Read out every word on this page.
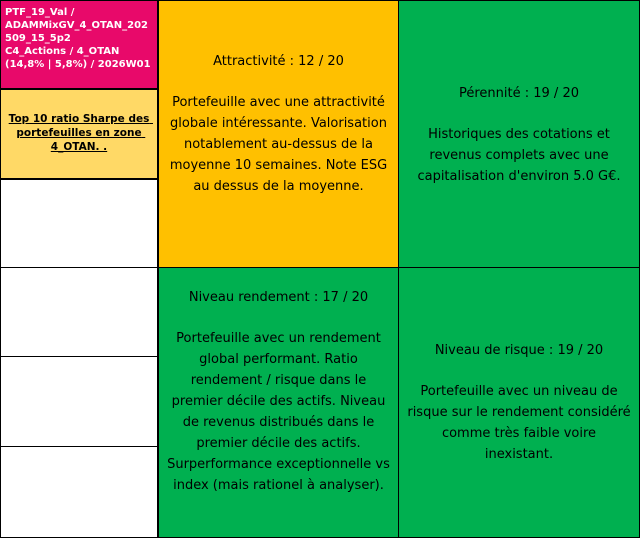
PTF_19_Val /
ADAMMixGV_4_OTAN_202
509_15_5p2
C4_Actions / 4_OTAN
(14,8% | 5,8%) / 2026W01
Top 10 ratio Sharpe des portefeuilles en zone 4_OTAN. .
Attractivité : 12 / 20
Portefeuille avec une attractivité globale intéressante. Valorisation notablement au-dessus de la moyenne 10 semaines. Note ESG au dessus de la moyenne.
Pérennité : 19 / 20
Historiques des cotations et revenus complets avec une capitalisation d'environ 5.0 G€.
Niveau rendement : 17 / 20
Portefeuille avec un rendement global performant. Ratio rendement / risque dans le premier décile des actifs. Niveau de revenus distribués dans le premier décile des actifs. Surperformance exceptionnelle vs index (mais rationel à analyser).
Niveau de risque : 19 / 20
Portefeuille avec un niveau de risque sur le rendement considéré comme très faible voire inexistant.
